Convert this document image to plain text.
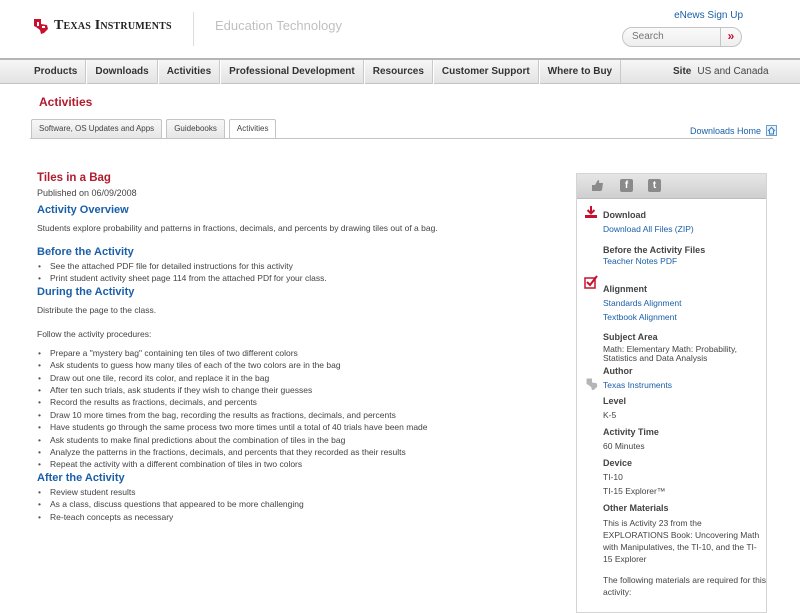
Texas Instruments	Education Technology
eNews Sign Up
Search
»
Products	Downloads	Activities	Professional Development	Resources	Customer Support	Where to Buy	Site US and Canada
Activities
Software, OS Updates and Apps	Guidebooks	Activities	Downloads Home
Tiles in a Bag
Published on 06/09/2008
Activity Overview
Students explore probability and patterns in fractions, decimals, and percents by drawing tiles out of a bag.
Before the Activity
• See the attached PDF file for detailed instructions for this activity
• Print student activity sheet page 114 from the attached PDf for your class.
During the Activity
Distribute the page to the class.
Follow the activity procedures:
• Prepare a "mystery bag" containing ten tiles of two different colors
• Ask students to guess how many tiles of each of the two colors are in the bag
• Draw out one tile, record its color, and replace it in the bag
• After ten such trials, ask students if they wish to change their guesses
• Record the results as fractions, decimals, and percents
• Draw 10 more times from the bag, recording the results as fractions, decimals, and percents
• Have students go through the same process two more times until a total of 40 trials have been made
• Ask students to make final predictions about the combination of tiles in the bag
• Analyze the patterns in the fractions, decimals, and percents that they recorded as their results
• Repeat the activity with a different combination of tiles in two colors
After the Activity
• Review student results
• As a class, discuss questions that appeared to be more challenging
• Re-teach concepts as necessary
f	t
Download
Download All Files (ZIP)
Before the Activity Files
Teacher Notes PDF
Alignment
Standards Alignment
Textbook Alignment
Subject Area
Math: Elementary Math: Probability, Statistics and Data Analysis
Author
Texas Instruments
Level
K-5
Activity Time
60 Minutes
Device
TI-10
TI-15 Explorer™
Other Materials
This is Activity 23 from the EXPLORATIONS Book: Uncovering Math with Manipulatives, the TI-10, and the TI-15 Explorer
The following materials are required for this activity:
